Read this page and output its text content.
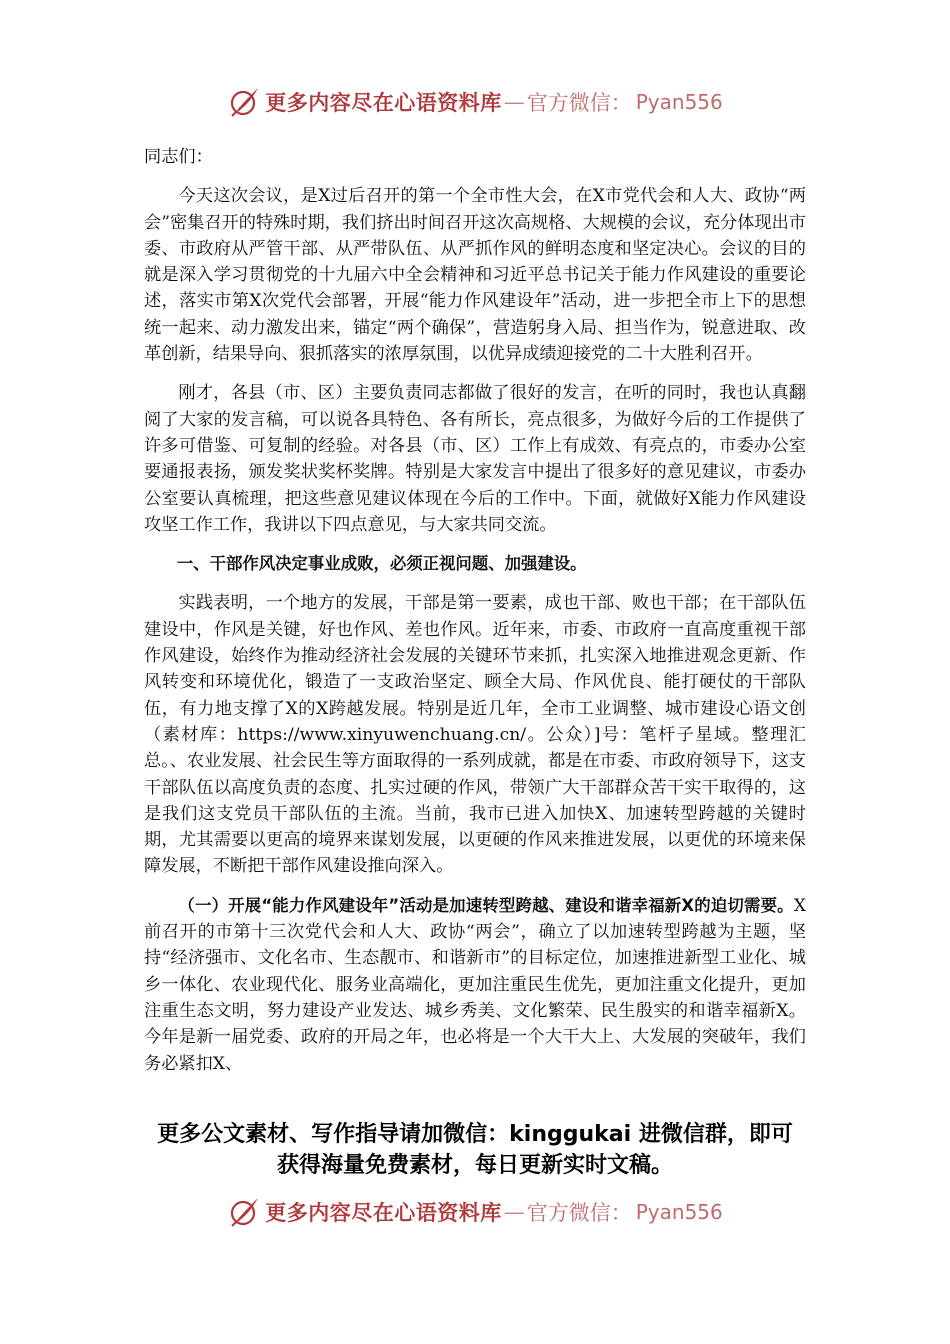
更多内容尽在心语资料库 — 官方微信： Pyan556

同志们：

今天这次会议，是X过后召开的第一个全市性大会，在X市党代会和人大、政协“两会”密集召开的特殊时期，我们挤出时间召开这次高规格、大规模的会议，充分体现出市委、市政府从严管干部、从严带队伍、从严抓作风的鲜明态度和坚定决心。会议的目的就是深入学习贯彻党的十九届六中全会精神和习近平总书记关于能力作风建设的重要论述，落实市第X次党代会部署，开展“能力作风建设年”活动，进一步把全市上下的思想统一起来、动力激发出来，锚定“两个确保”，营造躬身入局、担当作为，锐意进取、改革创新，结果导向、狠抓落实的浓厚氛围，以优异成绩迎接党的二十大胜利召开。

刚才，各县（市、区）主要负责同志都做了很好的发言，在听的同时，我也认真翻阅了大家的发言稿，可以说各具特色、各有所长，亮点很多，为做好今后的工作提供了许多可借鉴、可复制的经验。对各县（市、区）工作上有成效、有亮点的，市委办公室要通报表扬，颁发奖状奖杯奖牌。特别是大家发言中提出了很多好的意见建议，市委办公室要认真梳理，把这些意见建议体现在今后的工作中。下面，就做好X能力作风建设攻坚工作工作，我讲以下四点意见，与大家共同交流。

一、干部作风决定事业成败，必须正视问题、加强建设。

实践表明，一个地方的发展，干部是第一要素，成也干部、败也干部；在干部队伍建设中，作风是关键，好也作风、差也作风。近年来，市委、市政府一直高度重视干部作风建设，始终作为推动经济社会发展的关键环节来抓，扎实深入地推进观念更新、作风转变和环境优化，锻造了一支政治坚定、顾全大局、作风优良、能打硬仗的干部队伍，有力地支撑了X的X跨越发展。特别是近几年，全市工业调整、城市建设心语文创（素材库：https://www.xinyuwenchuang.cn/。公众）]号：笔杆子星域。整理汇总。、农业发展、社会民生等方面取得的一系列成就，都是在市委、市政府领导下，这支干部队伍以高度负责的态度、扎实过硬的作风，带领广大干部群众苦干实干取得的，这是我们这支党员干部队伍的主流。当前，我市已进入加快X、加速转型跨越的关键时期，尤其需要以更高的境界来谋划发展，以更硬的作风来推进发展，以更优的环境来保障发展，不断把干部作风建设推向深入。

（一）开展“能力作风建设年”活动是加速转型跨越、建设和谐幸福新X的迫切需要。X前召开的市第十三次党代会和人大、政协“两会”，确立了以加速转型跨越为主题，坚持“经济强市、文化名市、生态靓市、和谐新市”的目标定位，加速推进新型工业化、城乡一体化、农业现代化、服务业高端化，更加注重民生优先，更加注重文化提升，更加注重生态文明，努力建设产业发达、城乡秀美、文化繁荣、民生殷实的和谐幸福新X。今年是新一届党委、政府的开局之年，也必将是一个大干大上、大发展的突破年，我们务必紧扣X、

更多公文素材、写作指导请加微信：kinggukai 进微信群，即可
获得海量免费素材，每日更新实时文稿。
更多内容尽在心语资料库 — 官方微信： Pyan556
